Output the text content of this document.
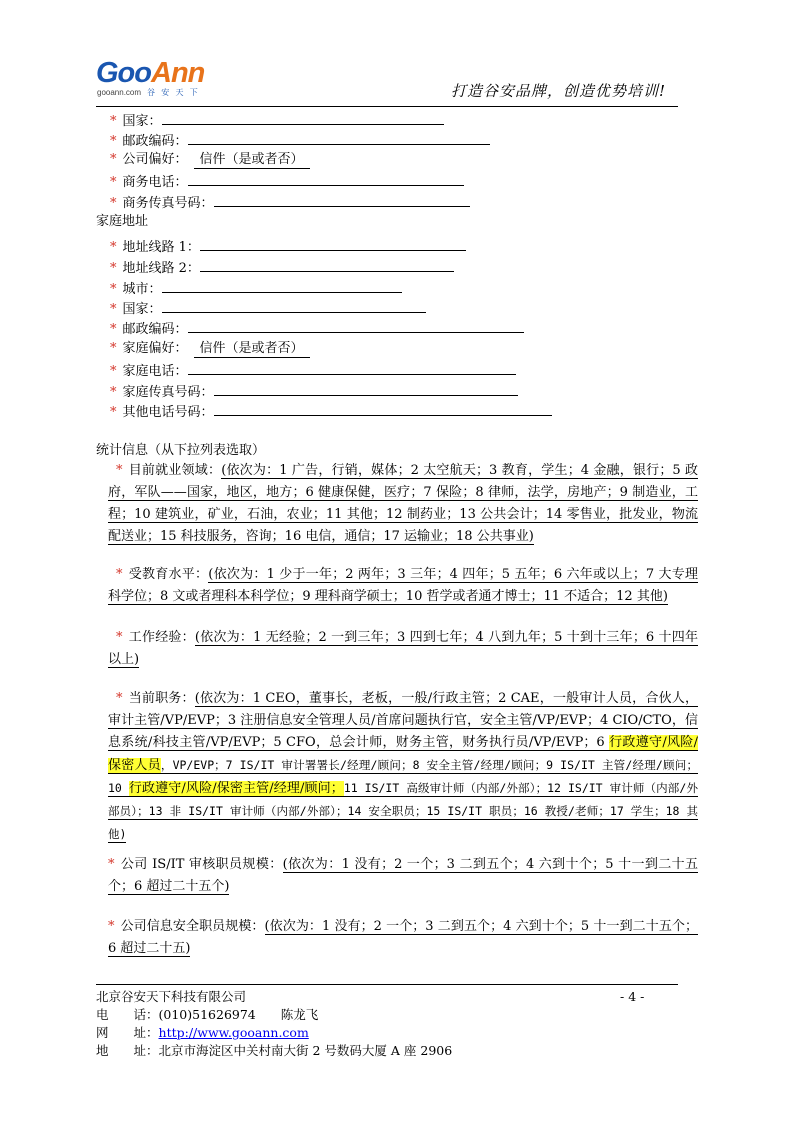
GooAnn
gooann.com 谷 安 天 下	打造谷安品牌，创造优势培训!
* 国家：
* 邮政编码：
* 公司偏好： 信件（是或者否）
* 商务电话：
* 商务传真号码：
家庭地址
* 地址线路 1：
* 地址线路 2：
* 城市：
* 国家：
* 邮政编码：
* 家庭偏好： 信件（是或者否）
* 家庭电话：
* 家庭传真号码：
* 其他电话号码：
统计信息（从下拉列表选取）
* 目前就业领域：(依次为：1 广告，行销，媒体；2 太空航天；3 教育，学生；4 金融，银行；5 政府，军队——国家，地区，地方；6 健康保健，医疗；7 保险；8 律师，法学，房地产；9 制造业，工程；10 建筑业，矿业，石油，农业；11 其他；12 制药业；13 公共会计；14 零售业，批发业，物流配送业；15 科技服务，咨询；16 电信，通信；17 运输业；18 公共事业)
* 受教育水平：(依次为：1 少于一年；2 两年；3 三年；4 四年；5 五年；6 六年或以上；7 大专理科学位；8 文或者理科本科学位；9 理科商学硕士；10 哲学或者通才博士；11 不适合；12 其他)
* 工作经验：(依次为：1 无经验；2 一到三年；3 四到七年；4 八到九年；5 十到十三年；6 十四年以上)
* 当前职务：(依次为：1 CEO，董事长，老板，一般/行政主管；2 CAE，一般审计人员，合伙人，审计主管/VP/EVP；3 注册信息安全管理人员/首席问题执行官，安全主管/VP/EVP；4 CIO/CTO，信息系统/科技主管/VP/EVP；5 CFO，总会计师，财务主管，财务执行员/VP/EVP；6 行政遵守/风险/保密人员，VP/EVP；7 IS/IT 审计署署长/经理/顾问；8 安全主管/经理/顾问；9 IS/IT 主管/经理/顾问；10 行政遵守/风险/保密主管/经理/顾问；11 IS/IT 高级审计师（内部/外部）；12 IS/IT 审计师（内部/外部员）；13 非 IS/IT 审计师（内部/外部）；14 安全职员；15 IS/IT 职员；16 教授/老师；17 学生；18 其他)
* 公司 IS/IT 审核职员规模：(依次为：1 没有；2 一个；3 二到五个；4 六到十个；5 十一到二十五个；6 超过二十五个)
* 公司信息安全职员规模：(依次为：1 没有；2 一个；3 二到五个；4 六到十个；5 十一到二十五个；6 超过二十五)
北京谷安天下科技有限公司	- 4 -
电　　话：(010)51626974　　陈龙飞
网　　址：http://www.gooann.com
地　　址：北京市海淀区中关村南大街 2 号数码大厦 A 座 2906
